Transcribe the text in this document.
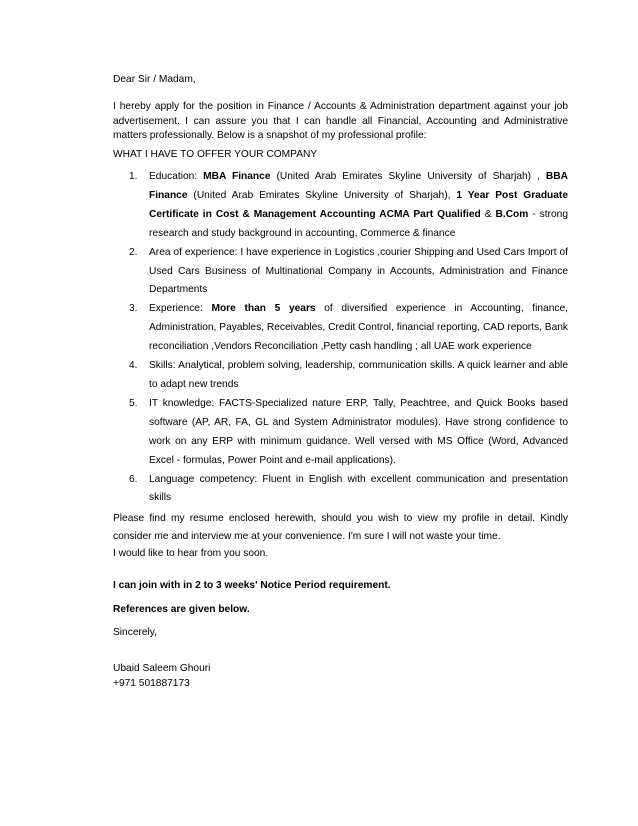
Dear Sir / Madam,
I hereby apply for the position in Finance / Accounts & Administration department against your job advertisement. I can assure you that I can handle all Financial, Accounting and Administrative matters professionally. Below is a snapshot of my professional profile:
WHAT I HAVE TO OFFER YOUR COMPANY
1. Education: MBA Finance (United Arab Emirates Skyline University of Sharjah) , BBA Finance (United Arab Emirates Skyline University of Sharjah), 1 Year Post Graduate Certificate in Cost & Management Accounting ACMA Part Qualified & B.Com - strong research and study background in accounting, Commerce & finance
2. Area of experience: I have experience in Logistics ,courier Shipping and Used Cars Import of Used Cars Business of Multinational Company in Accounts, Administration and Finance Departments
3. Experience: More than 5 years of diversified experience in Accounting, finance, Administration, Payables, Receivables, Credit Control, financial reporting, CAD reports, Bank reconciliation ,Vendors Reconciliation ,Petty cash handling ; all UAE work experience
4. Skills: Analytical, problem solving, leadership, communication skills. A quick learner and able to adapt new trends
5. IT knowledge: FACTS-Specialized nature ERP, Tally, Peachtree, and Quick Books based software (AP, AR, FA, GL and System Administrator modules). Have strong confidence to work on any ERP with minimum guidance. Well versed with MS Office (Word, Advanced Excel - formulas, Power Point and e-mail applications).
6. Language competency: Fluent in English with excellent communication and presentation skills
Please find my resume enclosed herewith, should you wish to view my profile in detail. Kindly consider me and interview me at your convenience. I'm sure I will not waste your time.
I would like to hear from you soon.
I can join with in 2 to 3 weeks' Notice Period requirement.
References are given below.
Sincerely,
Ubaid Saleem Ghouri
+971 501887173
